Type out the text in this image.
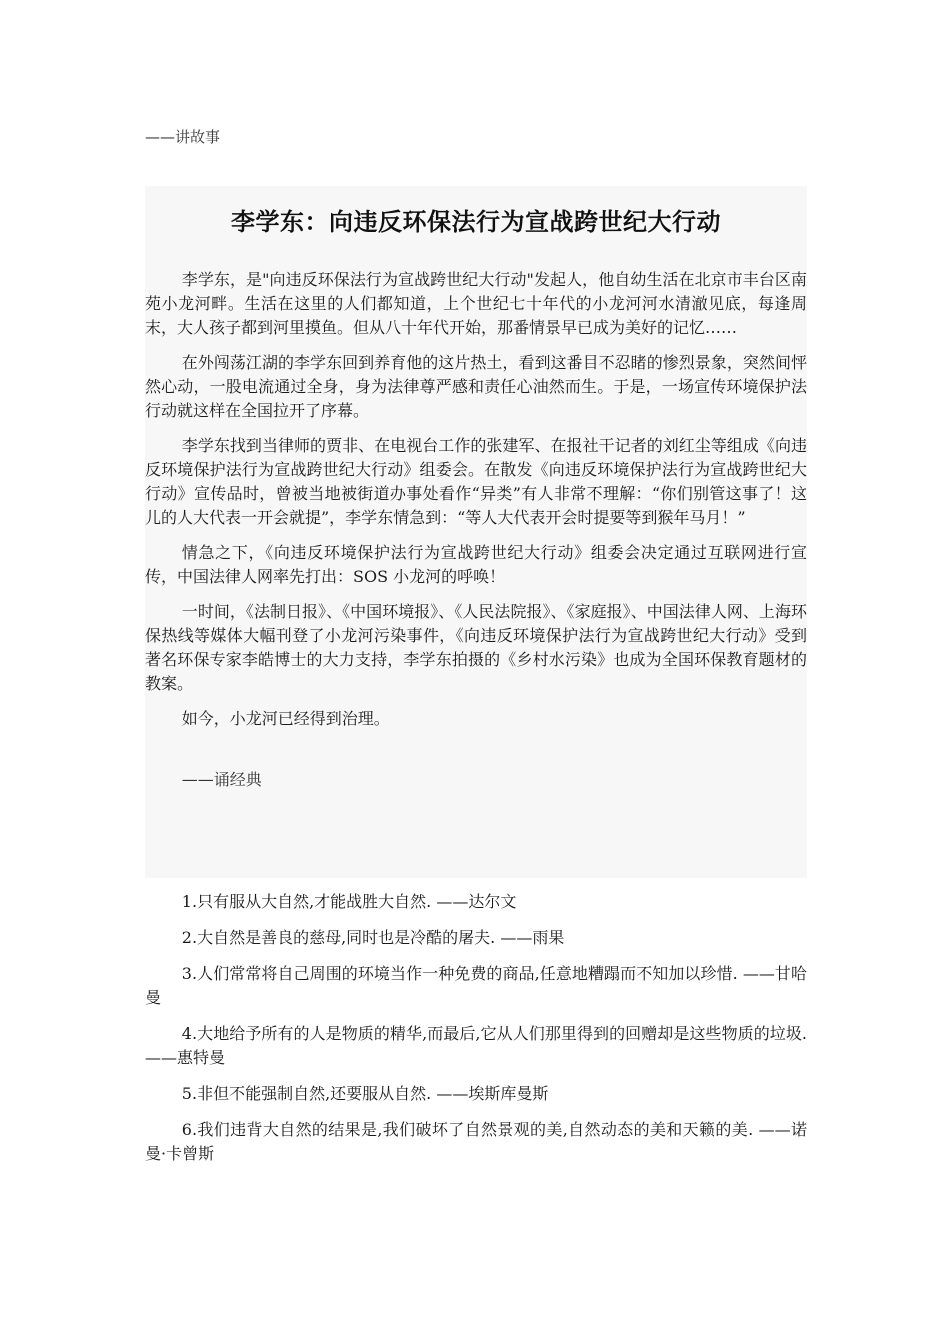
——讲故事
李学东：向违反环保法行为宣战跨世纪大行动

李学东，是"向违反环保法行为宣战跨世纪大行动"发起人，他自幼生活在北京市丰台区南苑小龙河畔。生活在这里的人们都知道，上个世纪七十年代的小龙河河水清澈见底，每逢周末，大人孩子都到河里摸鱼。但从八十年代开始，那番情景早已成为美好的记忆……

在外闯荡江湖的李学东回到养育他的这片热土，看到这番目不忍睹的惨烈景象，突然间怦然心动，一股电流通过全身，身为法律尊严感和责任心油然而生。于是，一场宣传环境保护法行动就这样在全国拉开了序幕。

李学东找到当律师的贾非、在电视台工作的张建军、在报社干记者的刘红尘等组成《向违反环境保护法行为宣战跨世纪大行动》组委会。在散发《向违反环境保护法行为宣战跨世纪大行动》宣传品时，曾被当地被街道办事处看作“异类”有人非常不理解：“你们别管这事了！这儿的人大代表一开会就提”，李学东情急到：“等人大代表开会时提要等到猴年马月！”

情急之下，《向违反环境保护法行为宣战跨世纪大行动》组委会决定通过互联网进行宣传，中国法律人网率先打出：SOS 小龙河的呼唤！

一时间，《法制日报》、《中国环境报》、《人民法院报》、《家庭报》、中国法律人网、上海环保热线等媒体大幅刊登了小龙河污染事件，《向违反环境保护法行为宣战跨世纪大行动》受到著名环保专家李皓博士的大力支持，李学东拍摄的《乡村水污染》也成为全国环保教育题材的教案。

如今，小龙河已经得到治理。

——诵经典

1.只有服从大自然,才能战胜大自然. ——达尔文

2.大自然是善良的慈母,同时也是冷酷的屠夫. ——雨果

3.人们常常将自己周围的环境当作一种免费的商品,任意地糟蹋而不知加以珍惜. ——甘哈曼

4.大地给予所有的人是物质的精华,而最后,它从人们那里得到的回赠却是这些物质的垃圾. ——惠特曼

5.非但不能强制自然,还要服从自然. ——埃斯库曼斯

6.我们违背大自然的结果是,我们破坏了自然景观的美,自然动态的美和天籁的美. ——诺曼·卡曾斯
